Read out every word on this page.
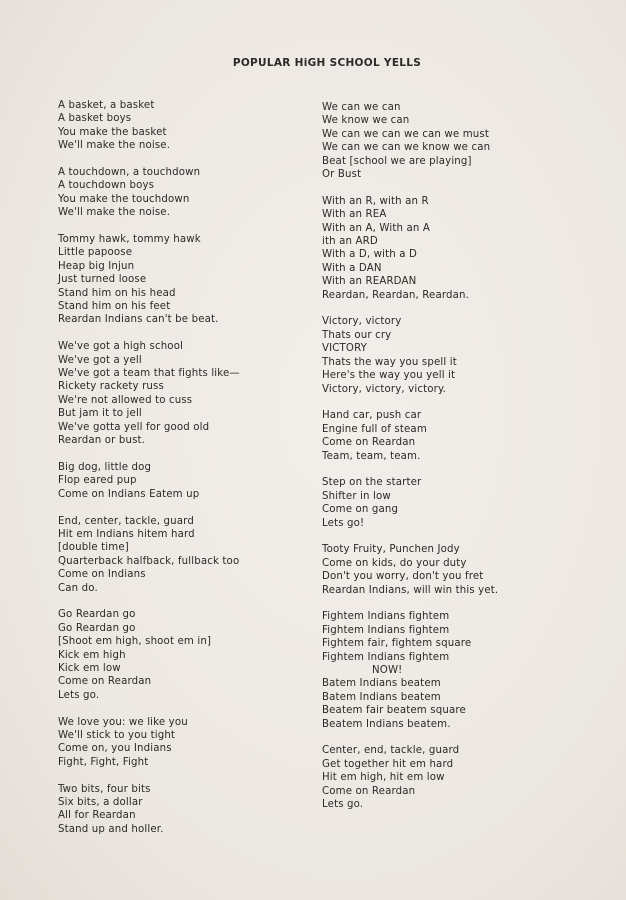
POPULAR HiGH SCHOOL YELLS
A basket, a basket
A basket boys
You make the basket
We'll make the noise.
A touchdown, a touchdown
A touchdown boys
You make the touchdown
We'll make the noise.
Tommy hawk, tommy hawk
Little papoose
Heap big Injun
Just turned loose
Stand him on his head
Stand him on his feet
Reardan Indians can't be beat.
We've got a high school
We've got a yell
We've got a team that fights like—
Rickety rackety russ
We're not allowed to cuss
But jam it to jell
We've gotta yell for good old
Reardan or bust.
Big dog, little dog
Flop eared pup
Come on Indians Eatem up
End, center, tackle, guard
Hit em Indians hitem hard
[double time]
Quarterback halfback, fullback too
Come on Indians
Can do.
Go Reardan go
Go Reardan go
[Shoot em high, shoot em in]
Kick em high
Kick em low
Come on Reardan
Lets go.
We love you: we like you
We'll stick to you tight
Come on, you Indians
Fight, Fight, Fight
Two bits, four bits
Six bits, a dollar
All for Reardan
Stand up and holler.
We can we can
We know we can
We can we can we can we must
We can we can we know we can
Beat [school we are playing]
Or Bust
With an R, with an R
With an REA
With an A, With an A
ith an ARD
With a D, with a D
With a DAN
With an REARDAN
Reardan, Reardan, Reardan.
Victory, victory
Thats our cry
VICTORY
Thats the way you spell it
Here's the way you yell it
Victory, victory, victory.
Hand car, push car
Engine full of steam
Come on Reardan
Team, team, team.
Step on the starter
Shifter in low
Come on gang
Lets go!
Tooty Fruity, Punchen Jody
Come on kids, do your duty
Don't you worry, don't you fret
Reardan Indians, will win this yet.
Fightem Indians fightem
Fightem Indians fightem
Fightem fair, fightem square
Fightem Indians fightem
NOW!
Batem Indians beatem
Batem Indians beatem
Beatem fair beatem square
Beatem Indians beatem.
Center, end, tackle, guard
Get together hit em hard
Hit em high, hit em low
Come on Reardan
Lets go.
